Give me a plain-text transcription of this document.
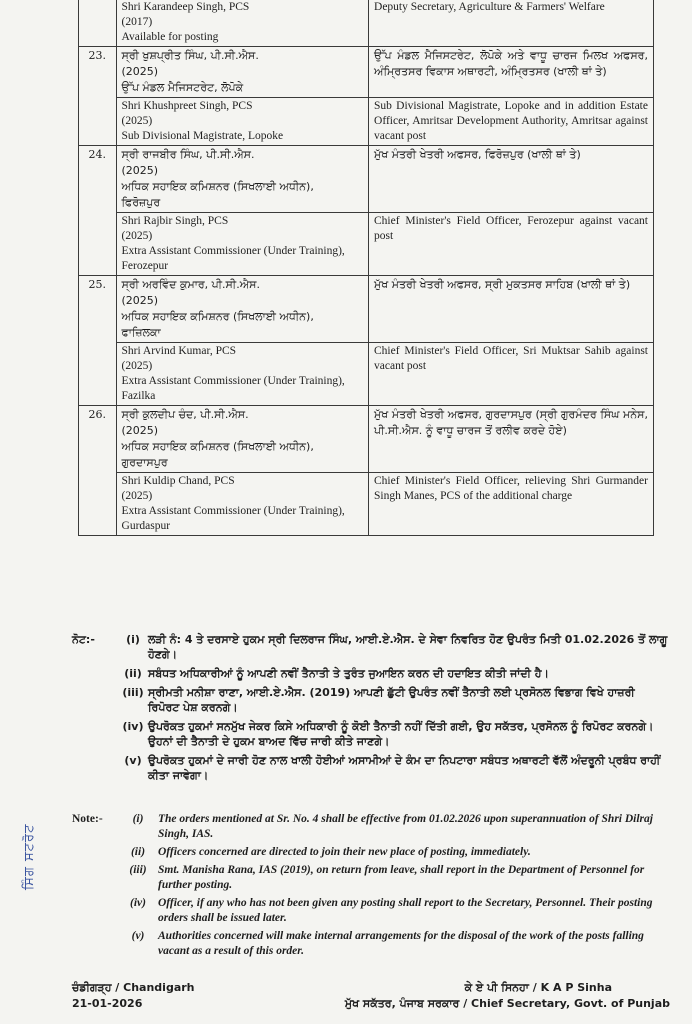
	Shri Karandeep Singh, PCS
(2017)
Available for posting	Deputy Secretary, Agriculture & Farmers' Welfare
23.	ਸ੍ਰੀ ਖੁਸ਼ਪ੍ਰੀਤ ਸਿੰਘ, ਪੀ.ਸੀ.ਐਸ.
(2025)
ਉੱਪ ਮੰਡਲ ਮੈਜਿਸਟਰੇਟ, ਲੋਪੋਕੇ	ਉੱਪ ਮੰਡਲ ਮੈਜਿਸਟਰੇਟ, ਲੋਪੋਕੇ ਅਤੇ ਵਾਧੂ ਚਾਰਜ ਮਿਲਖ ਅਫਸਰ, ਅੰਮ੍ਰਿਤਸਰ ਵਿਕਾਸ ਅਥਾਰਟੀ, ਅੰਮ੍ਰਿਤਸਰ (ਖਾਲੀ ਥਾਂ ਤੇ)

	Shri Khushpreet Singh, PCS
(2025)
Sub Divisional Magistrate, Lopoke	Sub Divisional Magistrate, Lopoke and in addition Estate Officer, Amritsar Development Authority, Amritsar against vacant post
24.	ਸ੍ਰੀ ਰਾਜਬੀਰ ਸਿੰਘ, ਪੀ.ਸੀ.ਐਸ.
(2025)
ਅਧਿਕ ਸਹਾਇਕ ਕਮਿਸ਼ਨਰ (ਸਿਖਲਾਈ ਅਧੀਨ),
ਫਿਰੋਜ਼ਪੁਰ	ਮੁੱਖ ਮੰਤਰੀ ਖੇਤਰੀ ਅਫਸਰ, ਫਿਰੋਜ਼ਪੁਰ (ਖਾਲੀ ਥਾਂ ਤੇ)

	Shri Rajbir Singh, PCS
(2025)
Extra Assistant Commissioner (Under Training), Ferozepur	Chief Minister's Field Officer, Ferozepur against vacant post
25.	ਸ੍ਰੀ ਅਰਵਿੰਦ ਕੁਮਾਰ, ਪੀ.ਸੀ.ਐਸ.
(2025)
ਅਧਿਕ ਸਹਾਇਕ ਕਮਿਸ਼ਨਰ (ਸਿਖਲਾਈ ਅਧੀਨ),
ਫਾਜ਼ਿਲਕਾ	ਮੁੱਖ ਮੰਤਰੀ ਖੇਤਰੀ ਅਫਸਰ, ਸ੍ਰੀ ਮੁਕਤਸਰ ਸਾਹਿਬ (ਖਾਲੀ ਥਾਂ ਤੇ)

	Shri Arvind Kumar, PCS
(2025)
Extra Assistant Commissioner (Under Training), Fazilka	Chief Minister's Field Officer, Sri Muktsar Sahib against vacant post
26.	ਸ੍ਰੀ ਕੁਲਦੀਪ ਚੰਦ, ਪੀ.ਸੀ.ਐਸ.
(2025)
ਅਧਿਕ ਸਹਾਇਕ ਕਮਿਸ਼ਨਰ (ਸਿਖਲਾਈ ਅਧੀਨ),
ਗੁਰਦਾਸਪੁਰ	ਮੁੱਖ ਮੰਤਰੀ ਖੇਤਰੀ ਅਫਸਰ, ਗੁਰਦਾਸਪੁਰ (ਸ੍ਰੀ ਗੁਰਮੰਦਰ ਸਿੰਘ ਮਨੇਸ, ਪੀ.ਸੀ.ਐਸ. ਨੂੰ ਵਾਧੂ ਚਾਰਜ ਤੋਂ ਰਲੀਵ ਕਰਦੇ ਹੋਏ)

	Shri Kuldip Chand, PCS
(2025)
Extra Assistant Commissioner (Under Training), Gurdaspur	Chief Minister's Field Officer, relieving Shri Gurmander Singh Manes, PCS of the additional charge
ਨੋਟ:-	(i) ਲੜੀ ਨੰ: 4 ਤੇ ਦਰਸਾਏ ਹੁਕਮ ਸ੍ਰੀ ਦਿਲਰਾਜ ਸਿੰਘ, ਆਈ.ਏ.ਐਸ. ਦੇ ਸੇਵਾ ਨਿਵਰਿਤ ਹੋਣ ਉਪਰੰਤ ਮਿਤੀ 01.02.2026 ਤੋਂ ਲਾਗੂ ਹੋਣਗੇ।
(ii) ਸਬੰਧਤ ਅਧਿਕਾਰੀਆਂ ਨੂੰ ਆਪਣੀ ਨਵੀਂ ਤੈਨਾਤੀ ਤੇ ਤੁਰੰਤ ਜੁਆਇਨ ਕਰਨ ਦੀ ਹਦਾਇਤ ਕੀਤੀ ਜਾਂਦੀ ਹੈ।
(iii) ਸ੍ਰੀਮਤੀ ਮਨੀਸ਼ਾ ਰਾਣਾ, ਆਈ.ਏ.ਐਸ. (2019) ਆਪਣੀ ਛੁੱਟੀ ਉਪਰੰਤ ਨਵੀਂ ਤੈਨਾਤੀ ਲਈ ਪ੍ਰਸੋਨਲ ਵਿਭਾਗ ਵਿਖੇ ਹਾਜ਼ਰੀ ਰਿਪੋਰਟ ਪੇਸ਼ ਕਰਨਗੇ।
(iv) ਉਪਰੋਕਤ ਹੁਕਮਾਂ ਸਨਮੁੱਖ ਜੇਕਰ ਕਿਸੇ ਅਧਿਕਾਰੀ ਨੂੰ ਕੋਈ ਤੈਨਾਤੀ ਨਹੀਂ ਦਿੱਤੀ ਗਈ, ਉਹ ਸਕੱਤਰ, ਪ੍ਰਸੋਨਲ ਨੂੰ ਰਿਪੋਰਟ ਕਰਨਗੇ। ਉਹਨਾਂ ਦੀ ਤੈਨਾਤੀ ਦੇ ਹੁਕਮ ਬਾਅਦ ਵਿੱਚ ਜਾਰੀ ਕੀਤੇ ਜਾਣਗੇ।
(v) ਉਪਰੋਕਤ ਹੁਕਮਾਂ ਦੇ ਜਾਰੀ ਹੋਣ ਨਾਲ ਖਾਲੀ ਹੋਈਆਂ ਅਸਾਮੀਆਂ ਦੇ ਕੰਮ ਦਾ ਨਿਪਟਾਰਾ ਸਬੰਧਤ ਅਥਾਰਟੀ ਵੱਲੋਂ ਅੰਦਰੂਨੀ ਪ੍ਰਬੰਧ ਰਾਹੀਂ ਕੀਤਾ ਜਾਵੇਗਾ।
ਸਿੰਗ ਸਟਰੋਟ
Note:-	(i)	The orders mentioned at Sr. No. 4 shall be effective from 01.02.2026 upon superannuation of Shri Dilraj Singh, IAS.
(ii)	Officers concerned are directed to join their new place of posting, immediately.
(iii) Smt. Manisha Rana, IAS (2019), on return from leave, shall report in the Department of Personnel for further posting.
(iv)	Officer, if any who has not been given any posting shall report to the Secretary, Personnel. Their posting orders shall be issued later.
(v)	Authorities concerned will make internal arrangements for the disposal of the work of the posts falling vacant as a result of this order.
ਚੰਡੀਗੜ੍ਹ / Chandigarh
21-01-2026
ਕੇ ਏ ਪੀ ਸਿਨਹਾ / K A P Sinha
ਮੁੱਖ ਸਕੱਤਰ, ਪੰਜਾਬ ਸਰਕਾਰ / Chief Secretary, Govt. of Punjab
